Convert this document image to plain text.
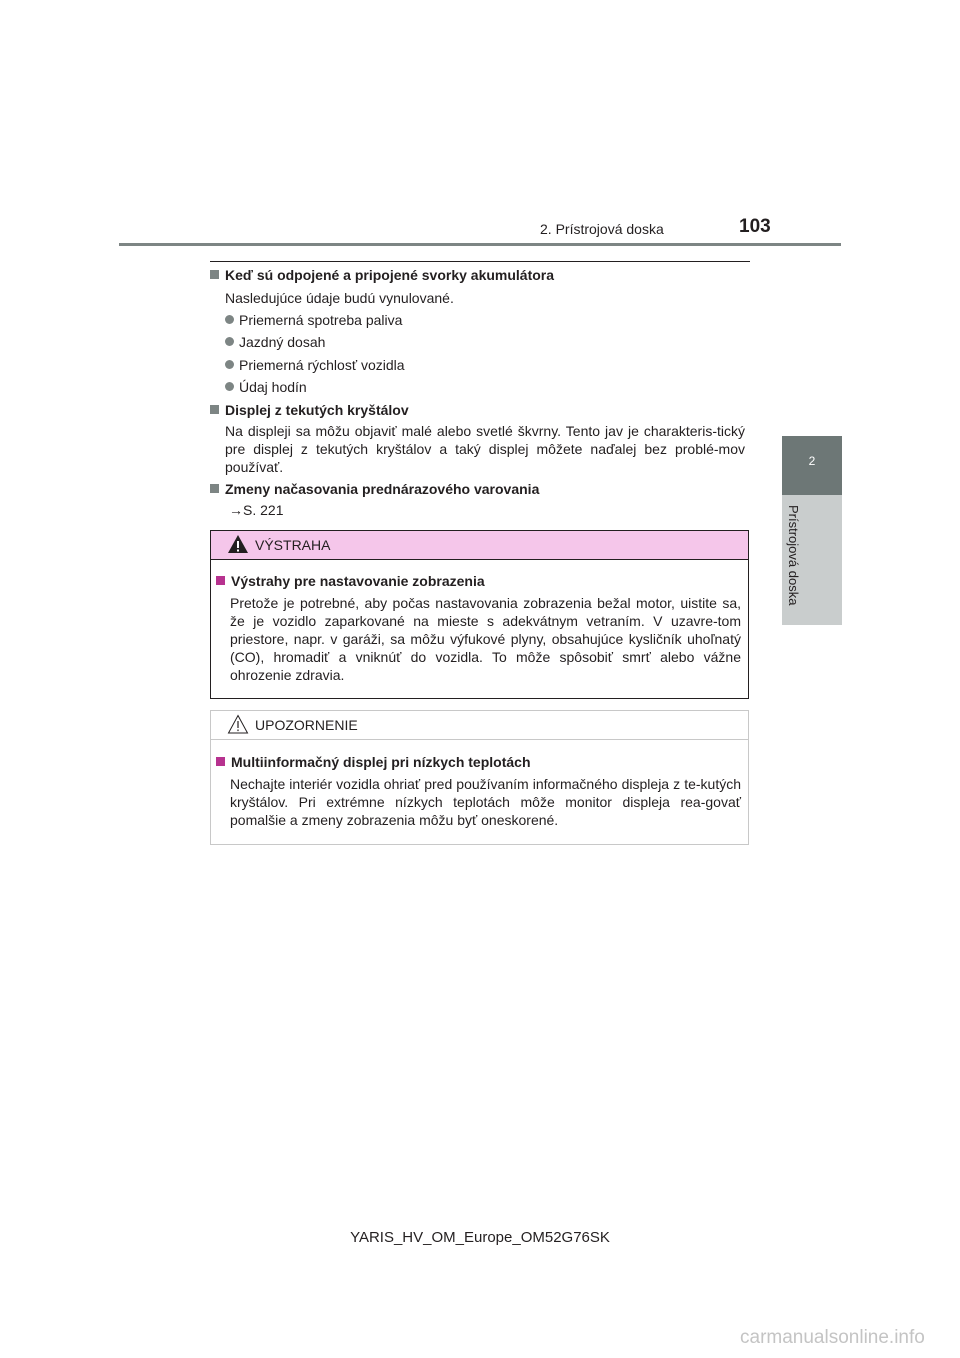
2. Prístrojová doska	103
2
Prístrojová doska
Keď sú odpojené a pripojené svorky akumulátora
Nasledujúce údaje budú vynulované.
Priemerná spotreba paliva
Jazdný dosah
Priemerná rýchlosť vozidla
Údaj hodín
Displej z tekutých kryštálov
Na displeji sa môžu objaviť malé alebo svetlé škvrny. Tento jav je charakteris-tický pre displej z tekutých kryštálov a taký displej môžete naďalej bez problé-mov používať.
Zmeny načasovania prednárazového varovania
→S. 221
VÝSTRAHA
Výstrahy pre nastavovanie zobrazenia
Pretože je potrebné, aby počas nastavovania zobrazenia bežal motor, uistite sa, že je vozidlo zaparkované na mieste s adekvátnym vetraním. V uzavre-tom priestore, napr. v garáži, sa môžu výfukové plyny, obsahujúce kysličník uhoľnatý (CO), hromadiť a vniknúť do vozidla. To môže spôsobiť smrť alebo vážne ohrozenie zdravia.
UPOZORNENIE
Multiinformačný displej pri nízkych teplotách
Nechajte interiér vozidla ohriať pred používaním informačného displeja z te-kutých kryštálov. Pri extrémne nízkych teplotách môže monitor displeja rea-govať pomalšie a zmeny zobrazenia môžu byť oneskorené.
YARIS_HV_OM_Europe_OM52G76SK
carmanualsonline.info
